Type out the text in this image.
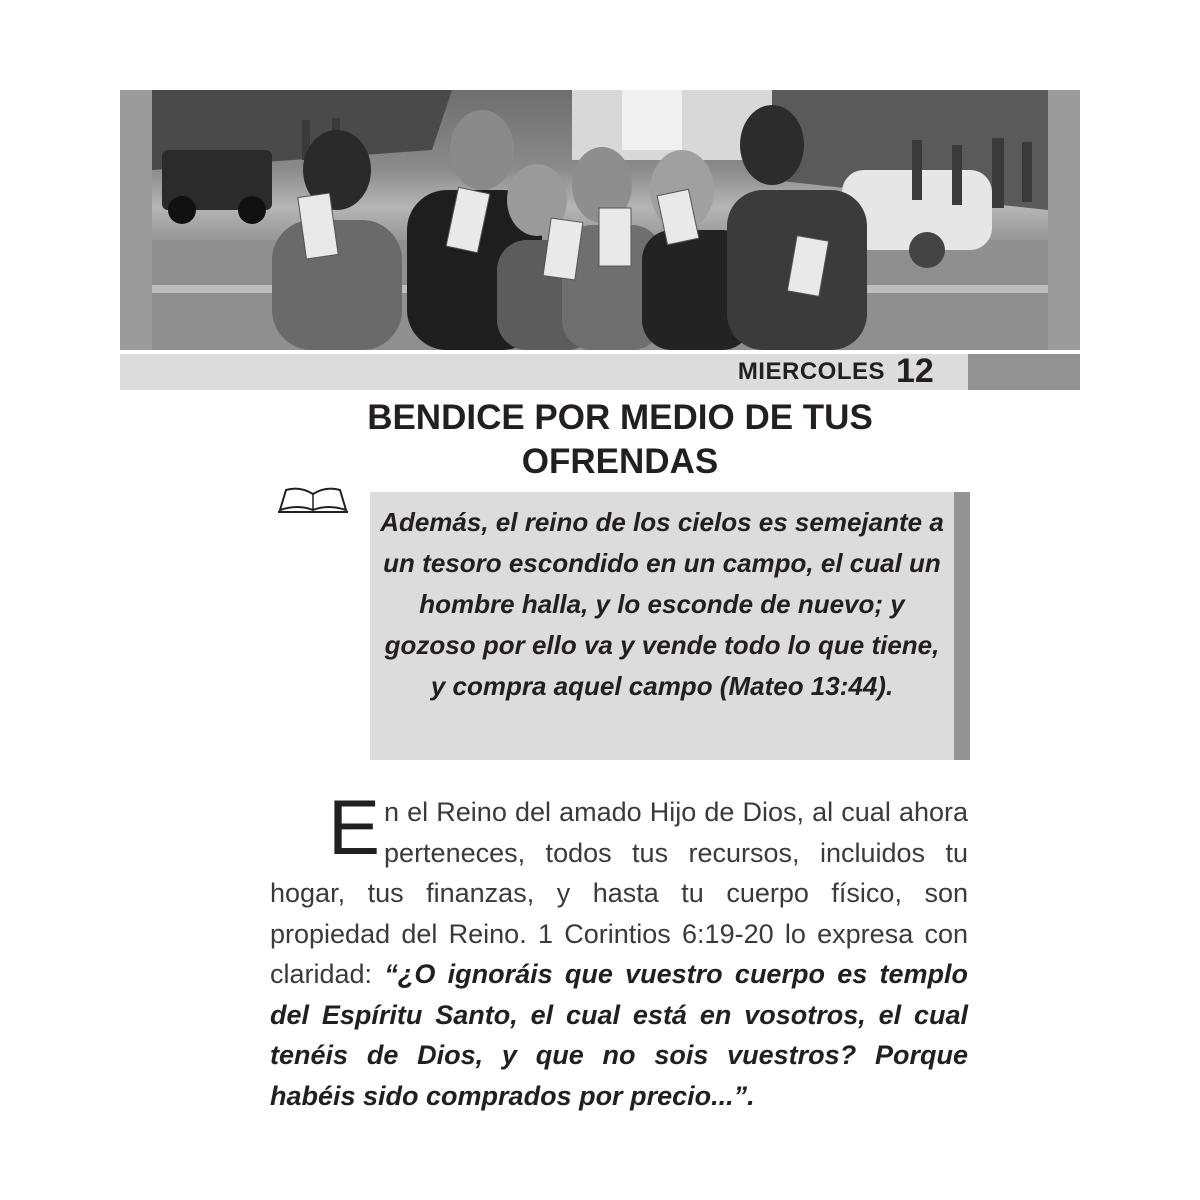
MIERCOLES 12
BENDICE POR MEDIO DE TUS OFRENDAS

Además, el reino de los cielos es semejante a un tesoro escondido en un campo, el cual un hombre halla, y lo esconde de nuevo; y gozoso por ello va y vende todo lo que tiene, y compra aquel campo (Mateo 13:44).

En el Reino del amado Hijo de Dios, al cual ahora perteneces, todos tus recursos, incluidos tu hogar, tus finanzas, y hasta tu cuerpo físico, son propiedad del Reino. 1 Corintios 6:19-20 lo expresa con claridad: “¿O ignoráis que vuestro cuerpo es templo del Espíritu Santo, el cual está en vosotros, el cual tenéis de Dios, y que no sois vuestros? Porque habéis sido comprados por precio...”.
